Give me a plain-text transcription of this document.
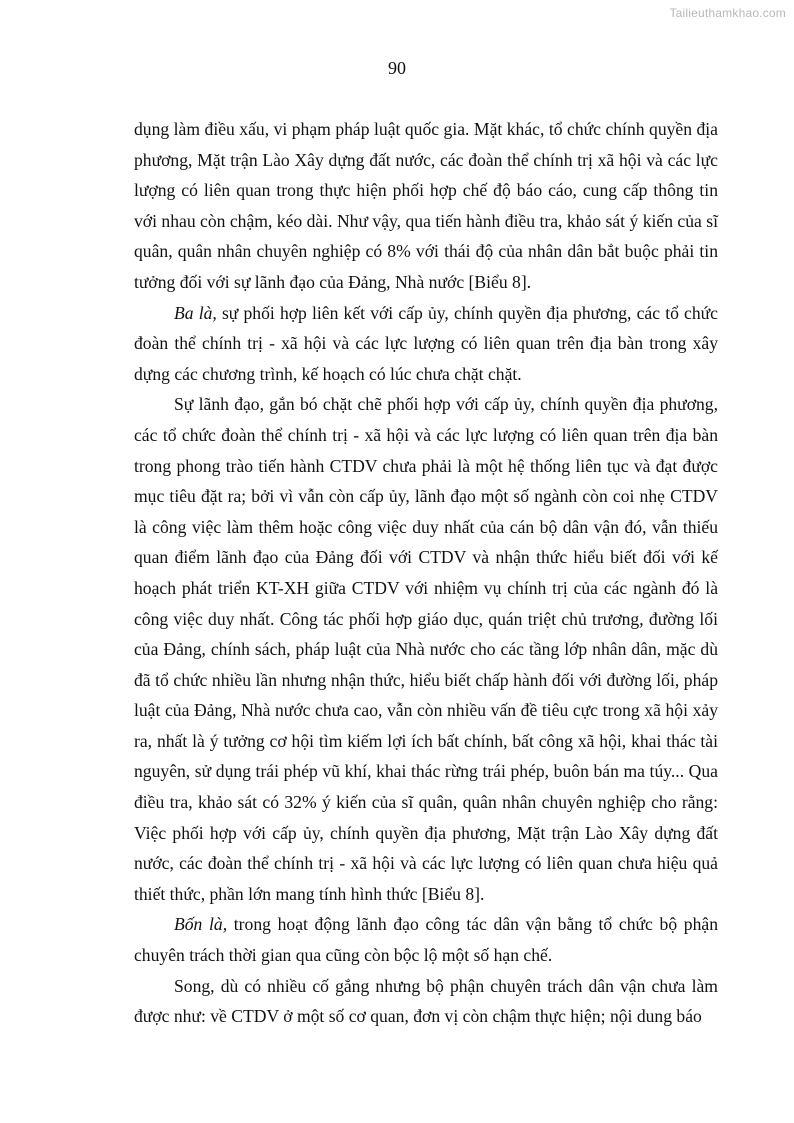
Tailieuthamkhao.com
90

dụng làm điều xấu, vi phạm pháp luật quốc gia. Mặt khác, tổ chức chính quyền địa phương, Mặt trận Lào Xây dựng đất nước, các đoàn thể chính trị xã hội và các lực lượng có liên quan trong thực hiện phối hợp chế độ báo cáo, cung cấp thông tin với nhau còn chậm, kéo dài. Như vậy, qua tiến hành điều tra, khảo sát ý kiến của sĩ quân, quân nhân chuyên nghiệp có 8% với thái độ của nhân dân bắt buộc phải tin tưởng đối với sự lãnh đạo của Đảng, Nhà nước [Biểu 8].

Ba là, sự phối hợp liên kết với cấp ủy, chính quyền địa phương, các tổ chức đoàn thể chính trị - xã hội và các lực lượng có liên quan trên địa bàn trong xây dựng các chương trình, kế hoạch có lúc chưa chặt chặt.

Sự lãnh đạo, gắn bó chặt chẽ phối hợp với cấp ủy, chính quyền địa phương, các tổ chức đoàn thể chính trị - xã hội và các lực lượng có liên quan trên địa bàn trong phong trào tiến hành CTDV chưa phải là một hệ thống liên tục và đạt được mục tiêu đặt ra; bởi vì vẫn còn cấp ủy, lãnh đạo một số ngành còn coi nhẹ CTDV là công việc làm thêm hoặc công việc duy nhất của cán bộ dân vận đó, vẫn thiếu quan điểm lãnh đạo của Đảng đối với CTDV và nhận thức hiểu biết đối với kế hoạch phát triển KT-XH giữa CTDV với nhiệm vụ chính trị của các ngành đó là công việc duy nhất. Công tác phối hợp giáo dục, quán triệt chủ trương, đường lối của Đảng, chính sách, pháp luật của Nhà nước cho các tầng lớp nhân dân, mặc dù đã tổ chức nhiều lần nhưng nhận thức, hiểu biết chấp hành đối với đường lối, pháp luật của Đảng, Nhà nước chưa cao, vẫn còn nhiều vấn đề tiêu cực trong xã hội xảy ra, nhất là ý tưởng cơ hội tìm kiếm lợi ích bất chính, bất công xã hội, khai thác tài nguyên, sử dụng trái phép vũ khí, khai thác rừng trái phép, buôn bán ma túy... Qua điều tra, khảo sát có 32% ý kiến của sĩ quân, quân nhân chuyên nghiệp cho rằng: Việc phối hợp với cấp ủy, chính quyền địa phương, Mặt trận Lào Xây dựng đất nước, các đoàn thể chính trị - xã hội và các lực lượng có liên quan chưa hiệu quả thiết thức, phần lớn mang tính hình thức [Biểu 8].

Bốn là, trong hoạt động lãnh đạo công tác dân vận bằng tổ chức bộ phận chuyên trách thời gian qua cũng còn bộc lộ một số hạn chế.

Song, dù có nhiều cố gắng nhưng bộ phận chuyên trách dân vận chưa làm được như: về CTDV ở một số cơ quan, đơn vị còn chậm thực hiện; nội dung báo
